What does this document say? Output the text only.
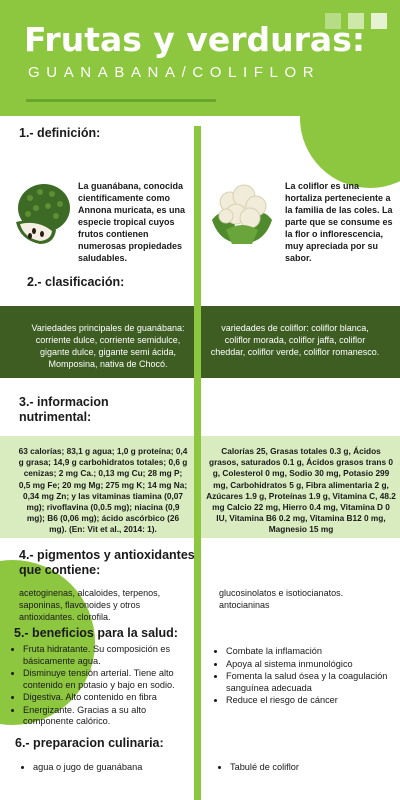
Frutas y verduras:
GUANABANA/COLIFLOR
1.- definición:
La guanábana, conocida científicamente como Annona muricata, es una especie tropical cuyos frutos contienen numerosas propiedades saludables.
La coliflor es una hortaliza perteneciente a la familia de las coles. La parte que se consume es la flor o inflorescencia, muy apreciada por su sabor.
2.- clasificación:
Variedades principales de guanábana: corriente dulce, corriente semidulce, gigante dulce, gigante semi ácida, Momposina, nativa de Chocó.
variedades de coliflor: coliflor blanca, coliflor morada, coliflor jaffa, coliflor cheddar, coliflor verde, coliflor romanesco.
3.- informacion
nutrimental:
63 calorías; 83,1 g agua; 1,0 g proteína; 0,4 g grasa; 14,9 g carbohidratos totales; 0,6 g cenizas; 2 mg Ca.; 0,13 mg Cu; 28 mg P; 0,5 mg Fe; 20 mg Mg; 275 mg K; 14 mg Na; 0,34 mg Zn; y las vitaminas tiamina (0,07 mg); rivoflavina (0,0.5 mg); niacina (0,9 mg); B6 (0,06 mg); ácido ascórbico (26 mg). (En: Vit et al., 2014: 1).
Calorías 25, Grasas totales 0.3 g, Ácidos grasos, saturados 0.1 g, Ácidos grasos trans 0 g, Colesterol 0 mg, Sodio 30 mg, Potasio 299 mg, Carbohidratos 5 g, Fibra alimentaria 2 g, Azúcares 1.9 g, Proteínas 1.9 g, Vitamina C, 48.2 mg Calcio 22 mg, Hierro 0.4 mg, Vitamina D 0 IU, Vitamina B6 0.2 mg, Vitamina B12 0 mg, Magnesio 15 mg
4.- pigmentos y antioxidantes
que contiene:
acetoginenas, alcaloides, terpenos, saponinas, flavonoides y otros antioxidantes. clorofila.
glucosinolatos e isotiocianatos. antocianinas
5.- beneficios para la salud:
• Fruta hidratante. Su composición es básicamente agua.
• Disminuye tensión arterial. Tiene alto contenido en potasio y bajo en sodio.
• Digestiva. Alto contenido en fibra
• Energizante. Gracias a su alto componente calórico.
• Combate la inflamación
• Apoya al sistema inmunológico
• Fomenta la salud ósea y la coagulación sanguínea adecuada
• Reduce el riesgo de cáncer
6.- preparacion culinaria:
• agua o jugo de guanábana
•	Tabulé de coliflor
